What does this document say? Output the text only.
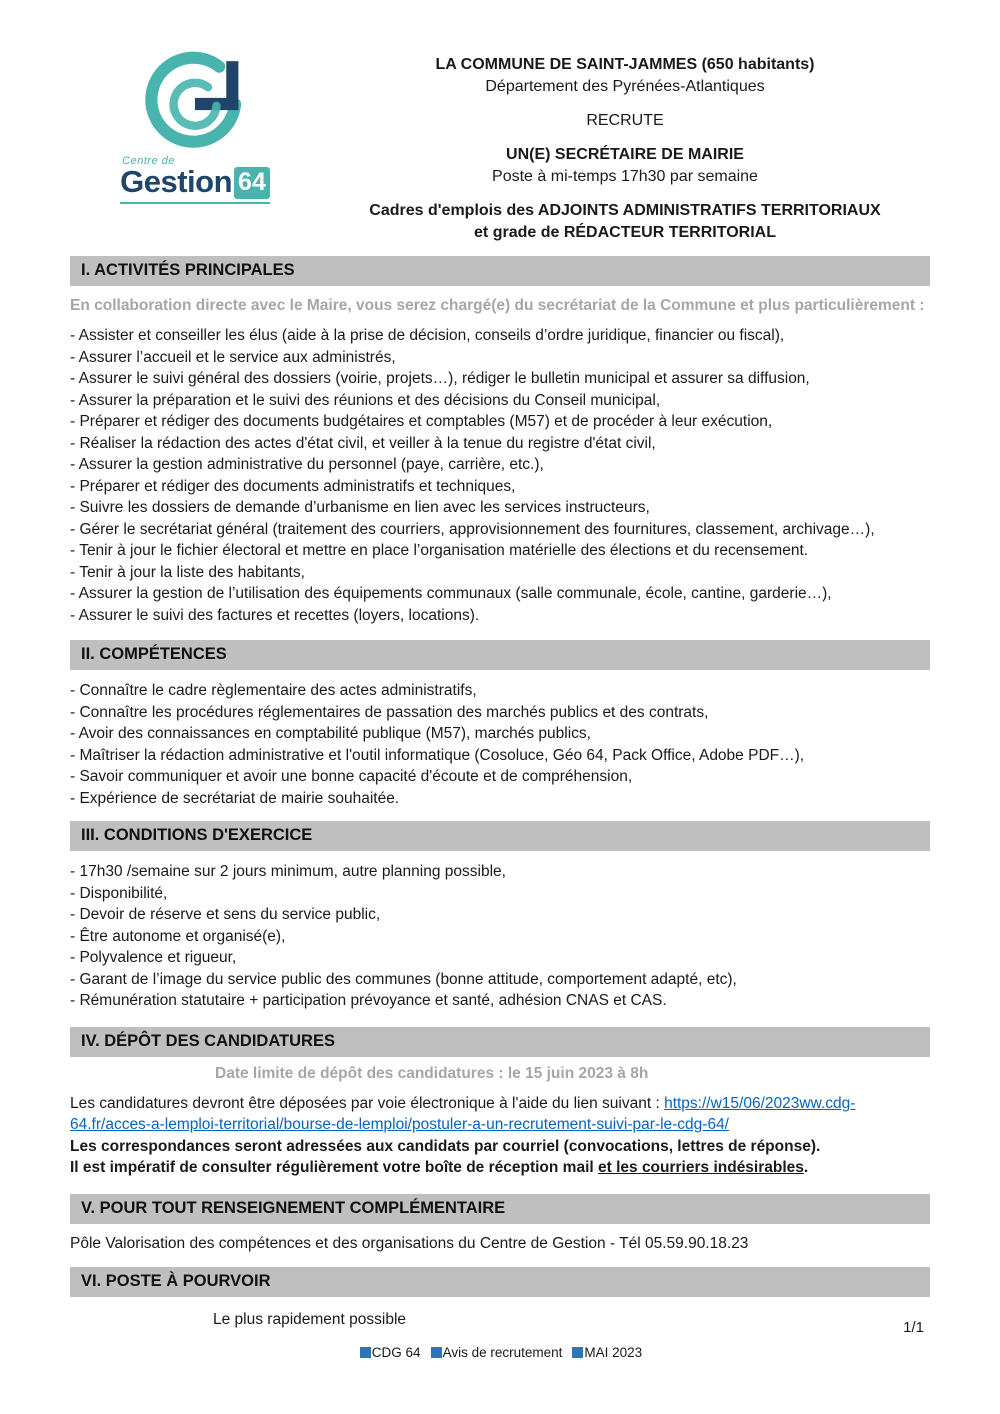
Centre de
Gestion 64
LA COMMUNE DE SAINT-JAMMES (650 habitants)
Département des Pyrénées-Atlantiques
RECRUTE
UN(E) SECRÉTAIRE DE MAIRIE
Poste à mi-temps 17h30 par semaine
Cadres d'emplois des ADJOINTS ADMINISTRATIFS TERRITORIAUX
et grade de RÉDACTEUR TERRITORIAL
I. ACTIVITÉS PRINCIPALES
En collaboration directe avec le Maire, vous serez chargé(e) du secrétariat de la Commune et plus particulièrement :

- Assister et conseiller les élus (aide à la prise de décision, conseils d’ordre juridique, financier ou fiscal),

- Assurer l’accueil et le service aux administrés,

- Assurer le suivi général des dossiers (voirie, projets…), rédiger le bulletin municipal et assurer sa diffusion,

- Assurer la préparation et le suivi des réunions et des décisions du Conseil municipal,

- Préparer et rédiger des documents budgétaires et comptables (M57) et de procéder à leur exécution,

- Réaliser la rédaction des actes d'état civil, et veiller à la tenue du registre d'état civil,

- Assurer la gestion administrative du personnel (paye, carrière, etc.),

- Préparer et rédiger des documents administratifs et techniques,

- Suivre les dossiers de demande d’urbanisme en lien avec les services instructeurs,

- Gérer le secrétariat général (traitement des courriers, approvisionnement des fournitures, classement, archivage…),

- Tenir à jour le fichier électoral et mettre en place l’organisation matérielle des élections et du recensement.

- Tenir à jour la liste des habitants,

- Assurer la gestion de l’utilisation des équipements communaux (salle communale, école, cantine, garderie…),

- Assurer le suivi des factures et recettes (loyers, locations).

II. COMPÉTENCES

- Connaître le cadre règlementaire des actes administratifs,

- Connaître les procédures réglementaires de passation des marchés publics et des contrats,

- Avoir des connaissances en comptabilité publique (M57), marchés publics,

- Maîtriser la rédaction administrative et l'outil informatique (Cosoluce, Géo 64, Pack Office, Adobe PDF…),

- Savoir communiquer et avoir une bonne capacité d'écoute et de compréhension,

- Expérience de secrétariat de mairie souhaitée.

III. CONDITIONS D'EXERCICE

- 17h30 /semaine sur 2 jours minimum, autre planning possible,

- Disponibilité,

- Devoir de réserve et sens du service public,

- Être autonome et organisé(e),

- Polyvalence et rigueur,

- Garant de l’image du service public des communes (bonne attitude, comportement adapté, etc),

- Rémunération statutaire + participation prévoyance et santé, adhésion CNAS et CAS.

IV. DÉPÔT DES CANDIDATURES
Date limite de dépôt des candidatures : le 15 juin 2023 à 8h

Les candidatures devront être déposées par voie électronique à l'aide du lien suivant : https://w15/06/2023ww.cdg-64.fr/acces-a-lemploi-territorial/bourse-de-lemploi/postuler-a-un-recrutement-suivi-par-le-cdg-64/

Les correspondances seront adressées aux candidats par courriel (convocations, lettres de réponse).

Il est impératif de consulter régulièrement votre boîte de réception mail et les courriers indésirables.

V. POUR TOUT RENSEIGNEMENT COMPLÉMENTAIRE

Pôle Valorisation des compétences et des organisations du Centre de Gestion - Tél 05.59.90.18.23

VI. POSTE À POURVOIR

Le plus rapidement possible	1/1
CDG 64 Avis de recrutement MAI 2023
